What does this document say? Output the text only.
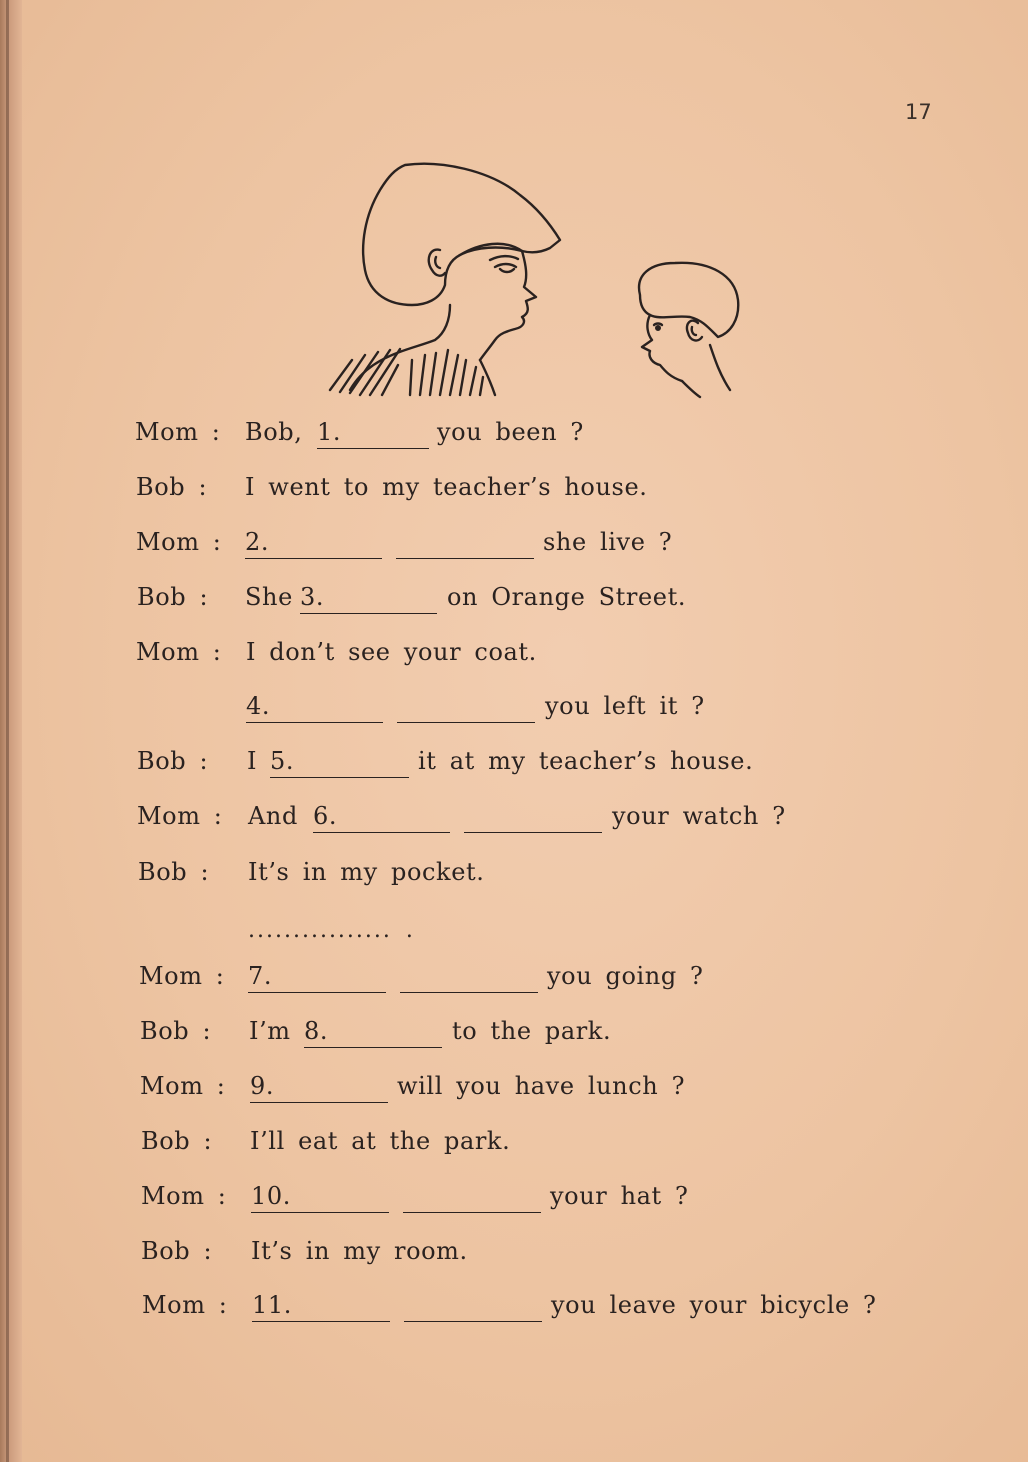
17
Mom : Bob, 1.	you been ?
Bob : I went to my teacher’s house.
Mom : 2.	she live ?
Bob : She 3.	on Orange Street.
Mom : I don’t see your coat.
4.	you left it ?
Bob : I 5.	it at my teacher’s house.
Mom : And 6.	your watch ?
Bob : It’s in my pocket.
................ .
Mom : 7.	you going ?
Bob : I’m 8.	to the park.
Mom : 9.	will you have lunch ?
Bob : I’ll eat at the park.
Mom : 10.	your hat ?
Bob : It’s in my room.
Mom : 11.	you leave your bicycle ?
